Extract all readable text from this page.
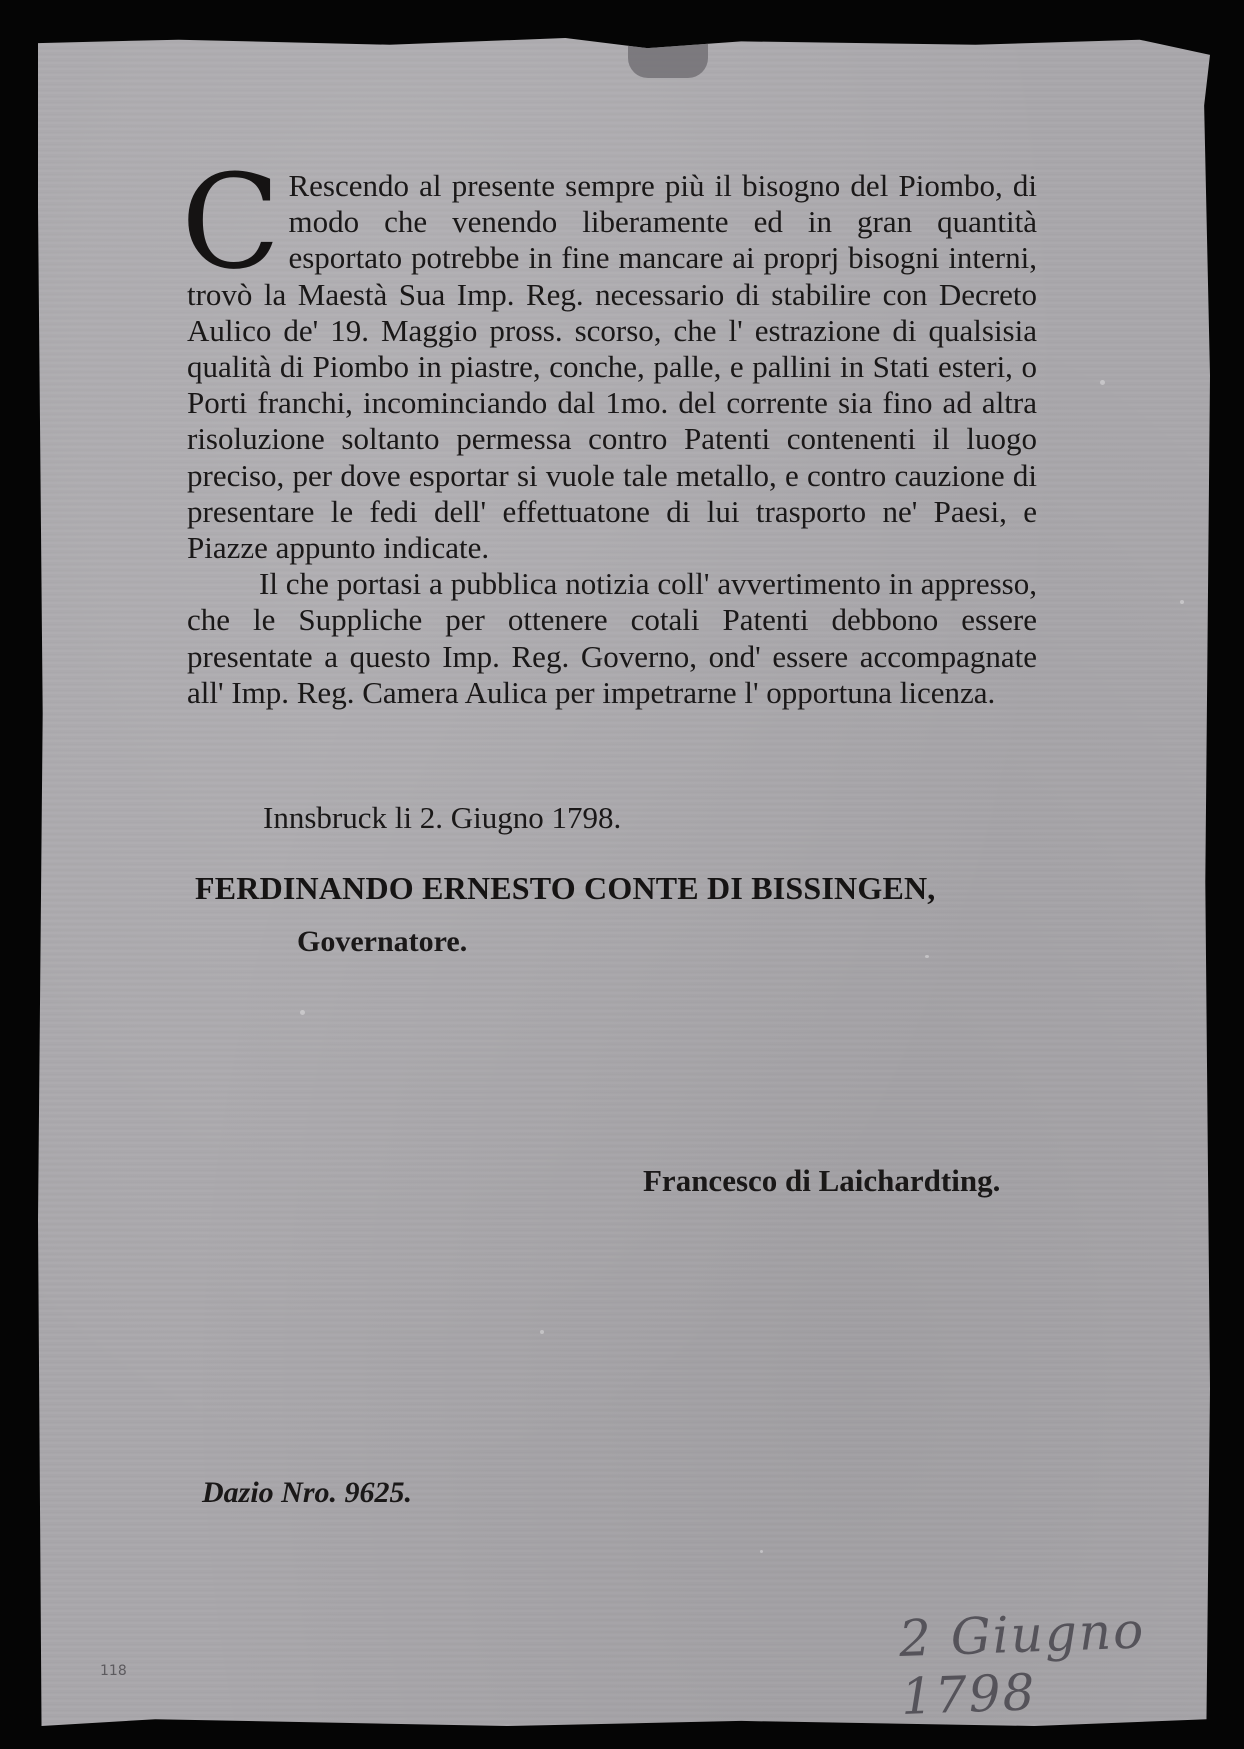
C Rescendo al presente sempre più il bisogno del Piombo, di modo che venendo liberamente ed in gran quantità esportato potrebbe in fine mancare ai proprj bisogni interni, trovò la Maestà Sua Imp. Reg. necessario di stabilire con Decreto Aulico de' 19. Maggio pross. scorso, che l' estrazione di qualsisia qualità di Piombo in piastre, conche, palle, e pallini in Stati esteri, o Porti franchi, incominciando dal 1mo. del corrente sia fino ad altra risoluzione soltanto permessa contro Patenti contenenti il luogo preciso, per dove esportar si vuole tale metallo, e contro cauzione di presentare le fedi dell' effettuatone di lui trasporto ne' Paesi, e Piazze appunto indicate.

Il che portasi a pubblica notizia coll' avvertimento in appresso, che le Suppliche per ottenere cotali Patenti debbono essere presentate a questo Imp. Reg. Governo, ond' essere accompagnate all' Imp. Reg. Camera Aulica per impetrarne l' opportuna licenza.

Innsbruck li 2. Giugno 1798.
FERDINANDO ERNESTO CONTE DI BISSINGEN,
Governatore.
Francesco di Laichardting.
Dazio Nro. 9625.
118
2 Giugno 1798
